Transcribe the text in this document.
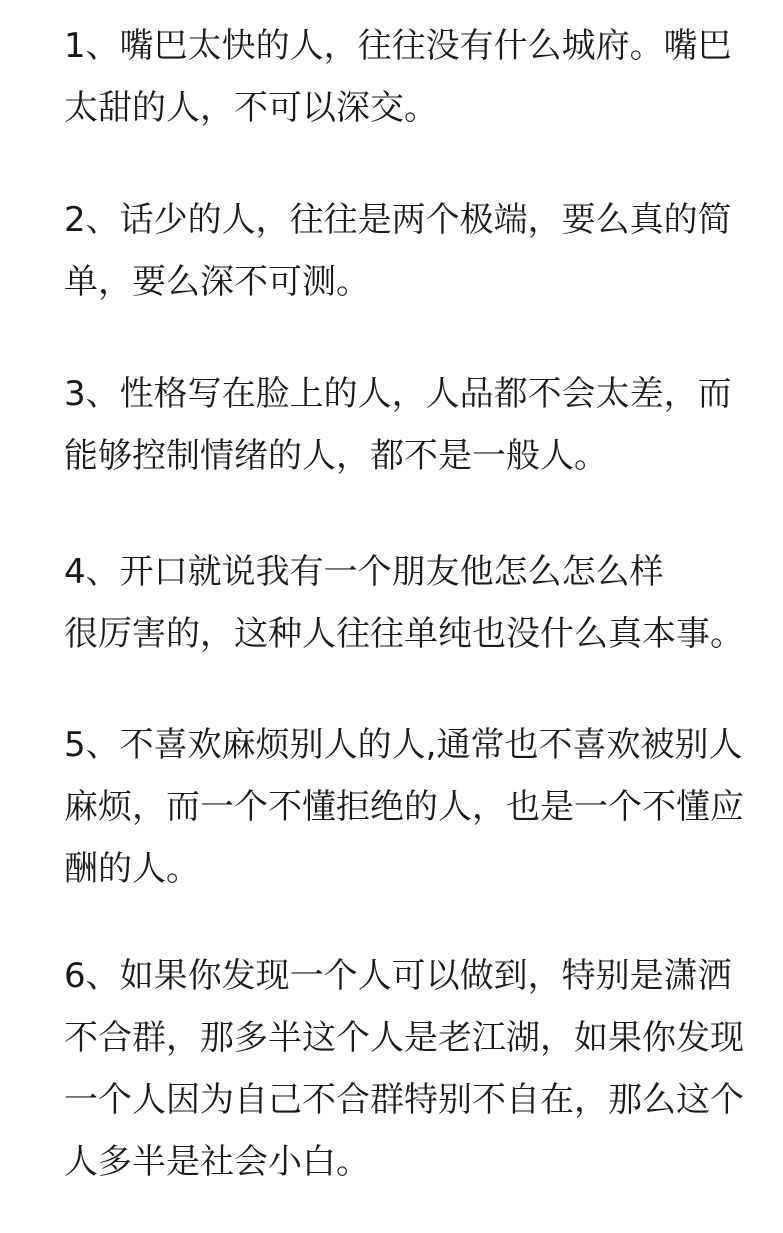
1、嘴巴太快的人，往往没有什么城府。嘴巴
太甜的人，不可以深交。
2、话少的人，往往是两个极端，要么真的简
单，要么深不可测。
3、性格写在脸上的人，人品都不会太差，而
能够控制情绪的人，都不是一般人。
4、开口就说我有一个朋友他怎么怎么样
很厉害的，这种人往往单纯也没什么真本事。
5、不喜欢麻烦别人的人,通常也不喜欢被别人
麻烦，而一个不懂拒绝的人，也是一个不懂应
酬的人。
6、如果你发现一个人可以做到，特别是潇洒
不合群，那多半这个人是老江湖，如果你发现
一个人因为自己不合群特别不自在，那么这个
人多半是社会小白。
